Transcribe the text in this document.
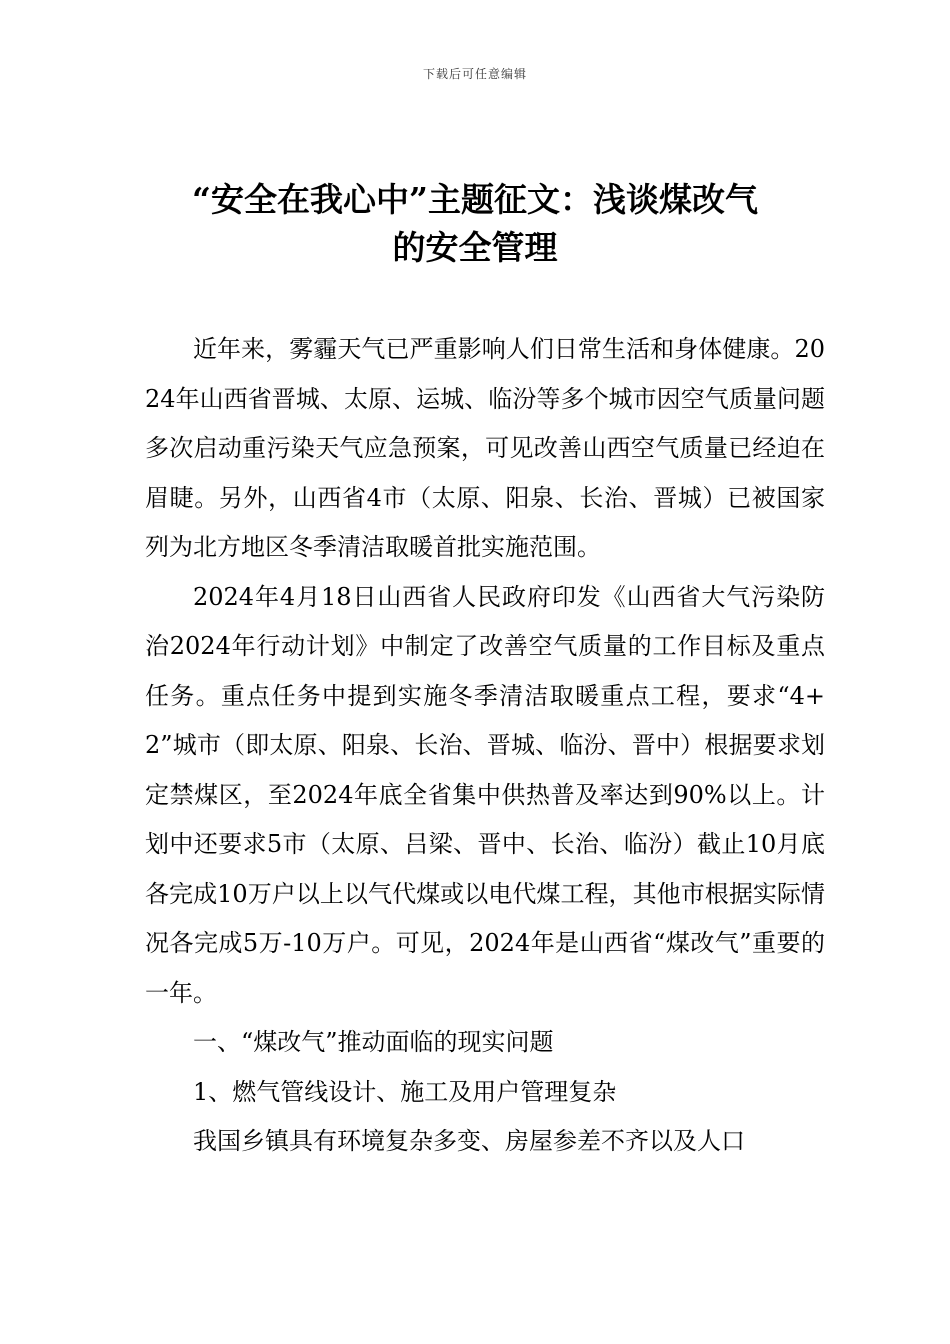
下载后可任意编辑
“安全在我心中”主题征文：浅谈煤改气
的安全管理

近年来，雾霾天气已严重影响人们日常生活和身体健康。2024年山西省晋城、太原、运城、临汾等多个城市因空气质量问题多次启动重污染天气应急预案，可见改善山西空气质量已经迫在眉睫。另外，山西省4市（太原、阳泉、长治、晋城）已被国家列为北方地区冬季清洁取暖首批实施范围。

2024年4月18日山西省人民政府印发《山西省大气污染防治2024年行动计划》中制定了改善空气质量的工作目标及重点任务。重点任务中提到实施冬季清洁取暖重点工程，要求“4+2”城市（即太原、阳泉、长治、晋城、临汾、晋中）根据要求划定禁煤区，至2024年底全省集中供热普及率达到90%以上。计划中还要求5市（太原、吕梁、晋中、长治、临汾）截止10月底各完成10万户以上以气代煤或以电代煤工程，其他市根据实际情况各完成5万-10万户。可见，2024年是山西省“煤改气”重要的一年。

一、“煤改气”推动面临的现实问题

1、燃气管线设计、施工及用户管理复杂

我国乡镇具有环境复杂多变、房屋参差不齐以及人口
